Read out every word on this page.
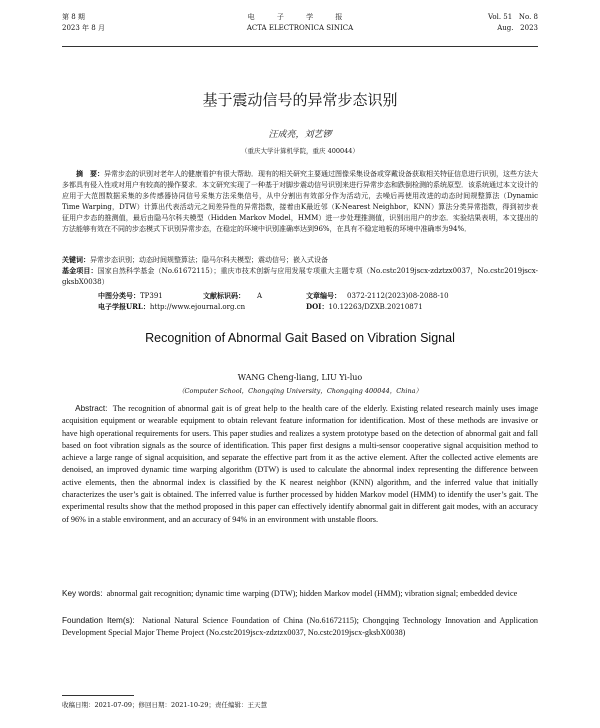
第 8 期
2023 年 8 月
电 子 学 报
ACTA ELECTRONICA SINICA
Vol. 51   No. 8
Aug.   2023
基于震动信号的异常步态识别
汪成亮，刘艺锣
（重庆大学计算机学院，重庆 400044）
摘　要：异常步态的识别对老年人的健康看护有很大帮助．现有的相关研究主要通过图像采集设备或穿戴设备获取相关特征信息进行识别，这些方法大多都具有侵入性或对用户有较高的操作要求．本文研究实现了一种基于对脚步震动信号识别来进行异常步态和跌倒检测的系统原型．该系统通过本文设计的应用于大范围数据采集的多传感器协同信号采集方法采集信号，从中分割出有效部分作为活动元，去噪后再使用改进的动态时间规整算法（Dynamic Time Warping，DTW）计算出代表活动元之间差异性的异常指数，接着由K最近邻（K-Nearest Neighbor，KNN）算法分类异常指数，得到初步表征用户步态的推测值，最后由隐马尔科夫模型（Hidden Markov Model，HMM）进一步处理推测值，识别出用户的步态．实验结果表明，本文提出的方法能够有效在不同的步态模式下识别异常步态，在稳定的环境中识别准确率达到96%，在具有不稳定地板的环境中准确率为94%．
关键词：异常步态识别；动态时间规整算法；隐马尔科夫模型；震动信号；嵌入式设备
基金项目：国家自然科学基金（No.61672115）；重庆市技术创新与应用发展专项重大主题专项（No.cstc2019jscx-zdztzx0037，No.cstc2019jscx-gksbX0038）
中图分类号：TP391	文献标识码： A	文章编号： 0372-2112(2023)08-2088-10
电子学报URL：http://www.ejournal.org.cn	DOI：10.12263/DZXB.20210871
Recognition of Abnormal Gait Based on Vibration Signal
WANG Cheng-liang, LIU Yi-luo
（Computer School，Chongqing University，Chongqing 400044，China）
Abstract: The recognition of abnormal gait is of great help to the health care of the elderly. Existing related research mainly uses image acquisition equipment or wearable equipment to obtain relevant feature information for identification. Most of these methods are invasive or have high operational requirements for users. This paper studies and realizes a system prototype based on the detection of abnormal gait and fall based on foot vibration signals as the source of identification. This paper first designs a multi-sensor cooperative signal acquisition method to achieve a large range of signal acquisition, and separate the effective part from it as the active element. After the collected active elements are denoised, an improved dynamic time warping algorithm (DTW) is used to calculate the abnormal index representing the difference between active elements, then the abnormal index is classified by the K nearest neighbor (KNN) algorithm, and the inferred value that initially characterizes the user’s gait is obtained. The inferred value is further processed by hidden Markov model (HMM) to identify the user’s gait. The experimental results show that the method proposed in this paper can effectively identify abnormal gait in different gait modes, with an accuracy of 96% in a stable environment, and an accuracy of 94% in an environment with unstable floors.
Key words: abnormal gait recognition; dynamic time warping (DTW); hidden Markov model (HMM); vibration signal; embedded device
Foundation Item(s): National Natural Science Foundation of China (No.61672115); Chongqing Technology Innovation and Application Development Special Major Theme Project (No.cstc2019jscx-zdztzx0037, No.cstc2019jscx-gksbX0038)
收稿日期：2021-07-09；修回日期：2021-10-29；责任编辑：王天慧
